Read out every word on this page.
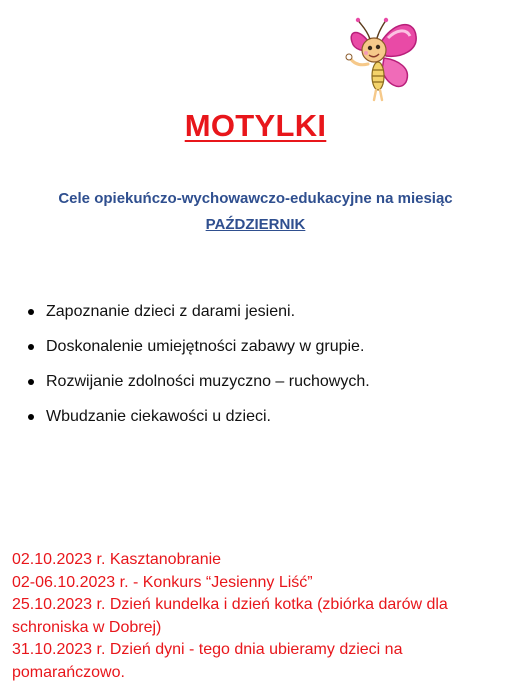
MOTYLKI
Cele opiekuńczo-wychowawczo-edukacyjne na miesiąc
PAŹDZIERNIK
Zapoznanie dzieci z darami jesieni.
Doskonalenie umiejętności zabawy w grupie.
Rozwijanie zdolności muzyczno – ruchowych.
Wbudzanie ciekawości u dzieci.
02.10.2023 r. Kasztanobranie
02-06.10.2023 r. - Konkurs “Jesienny Liść”
25.10.2023 r. Dzień kundelka i dzień kotka (zbiórka darów dla schroniska w Dobrej)
31.10.2023 r. Dzień dyni - tego dnia ubieramy dzieci na pomarańczowo.
